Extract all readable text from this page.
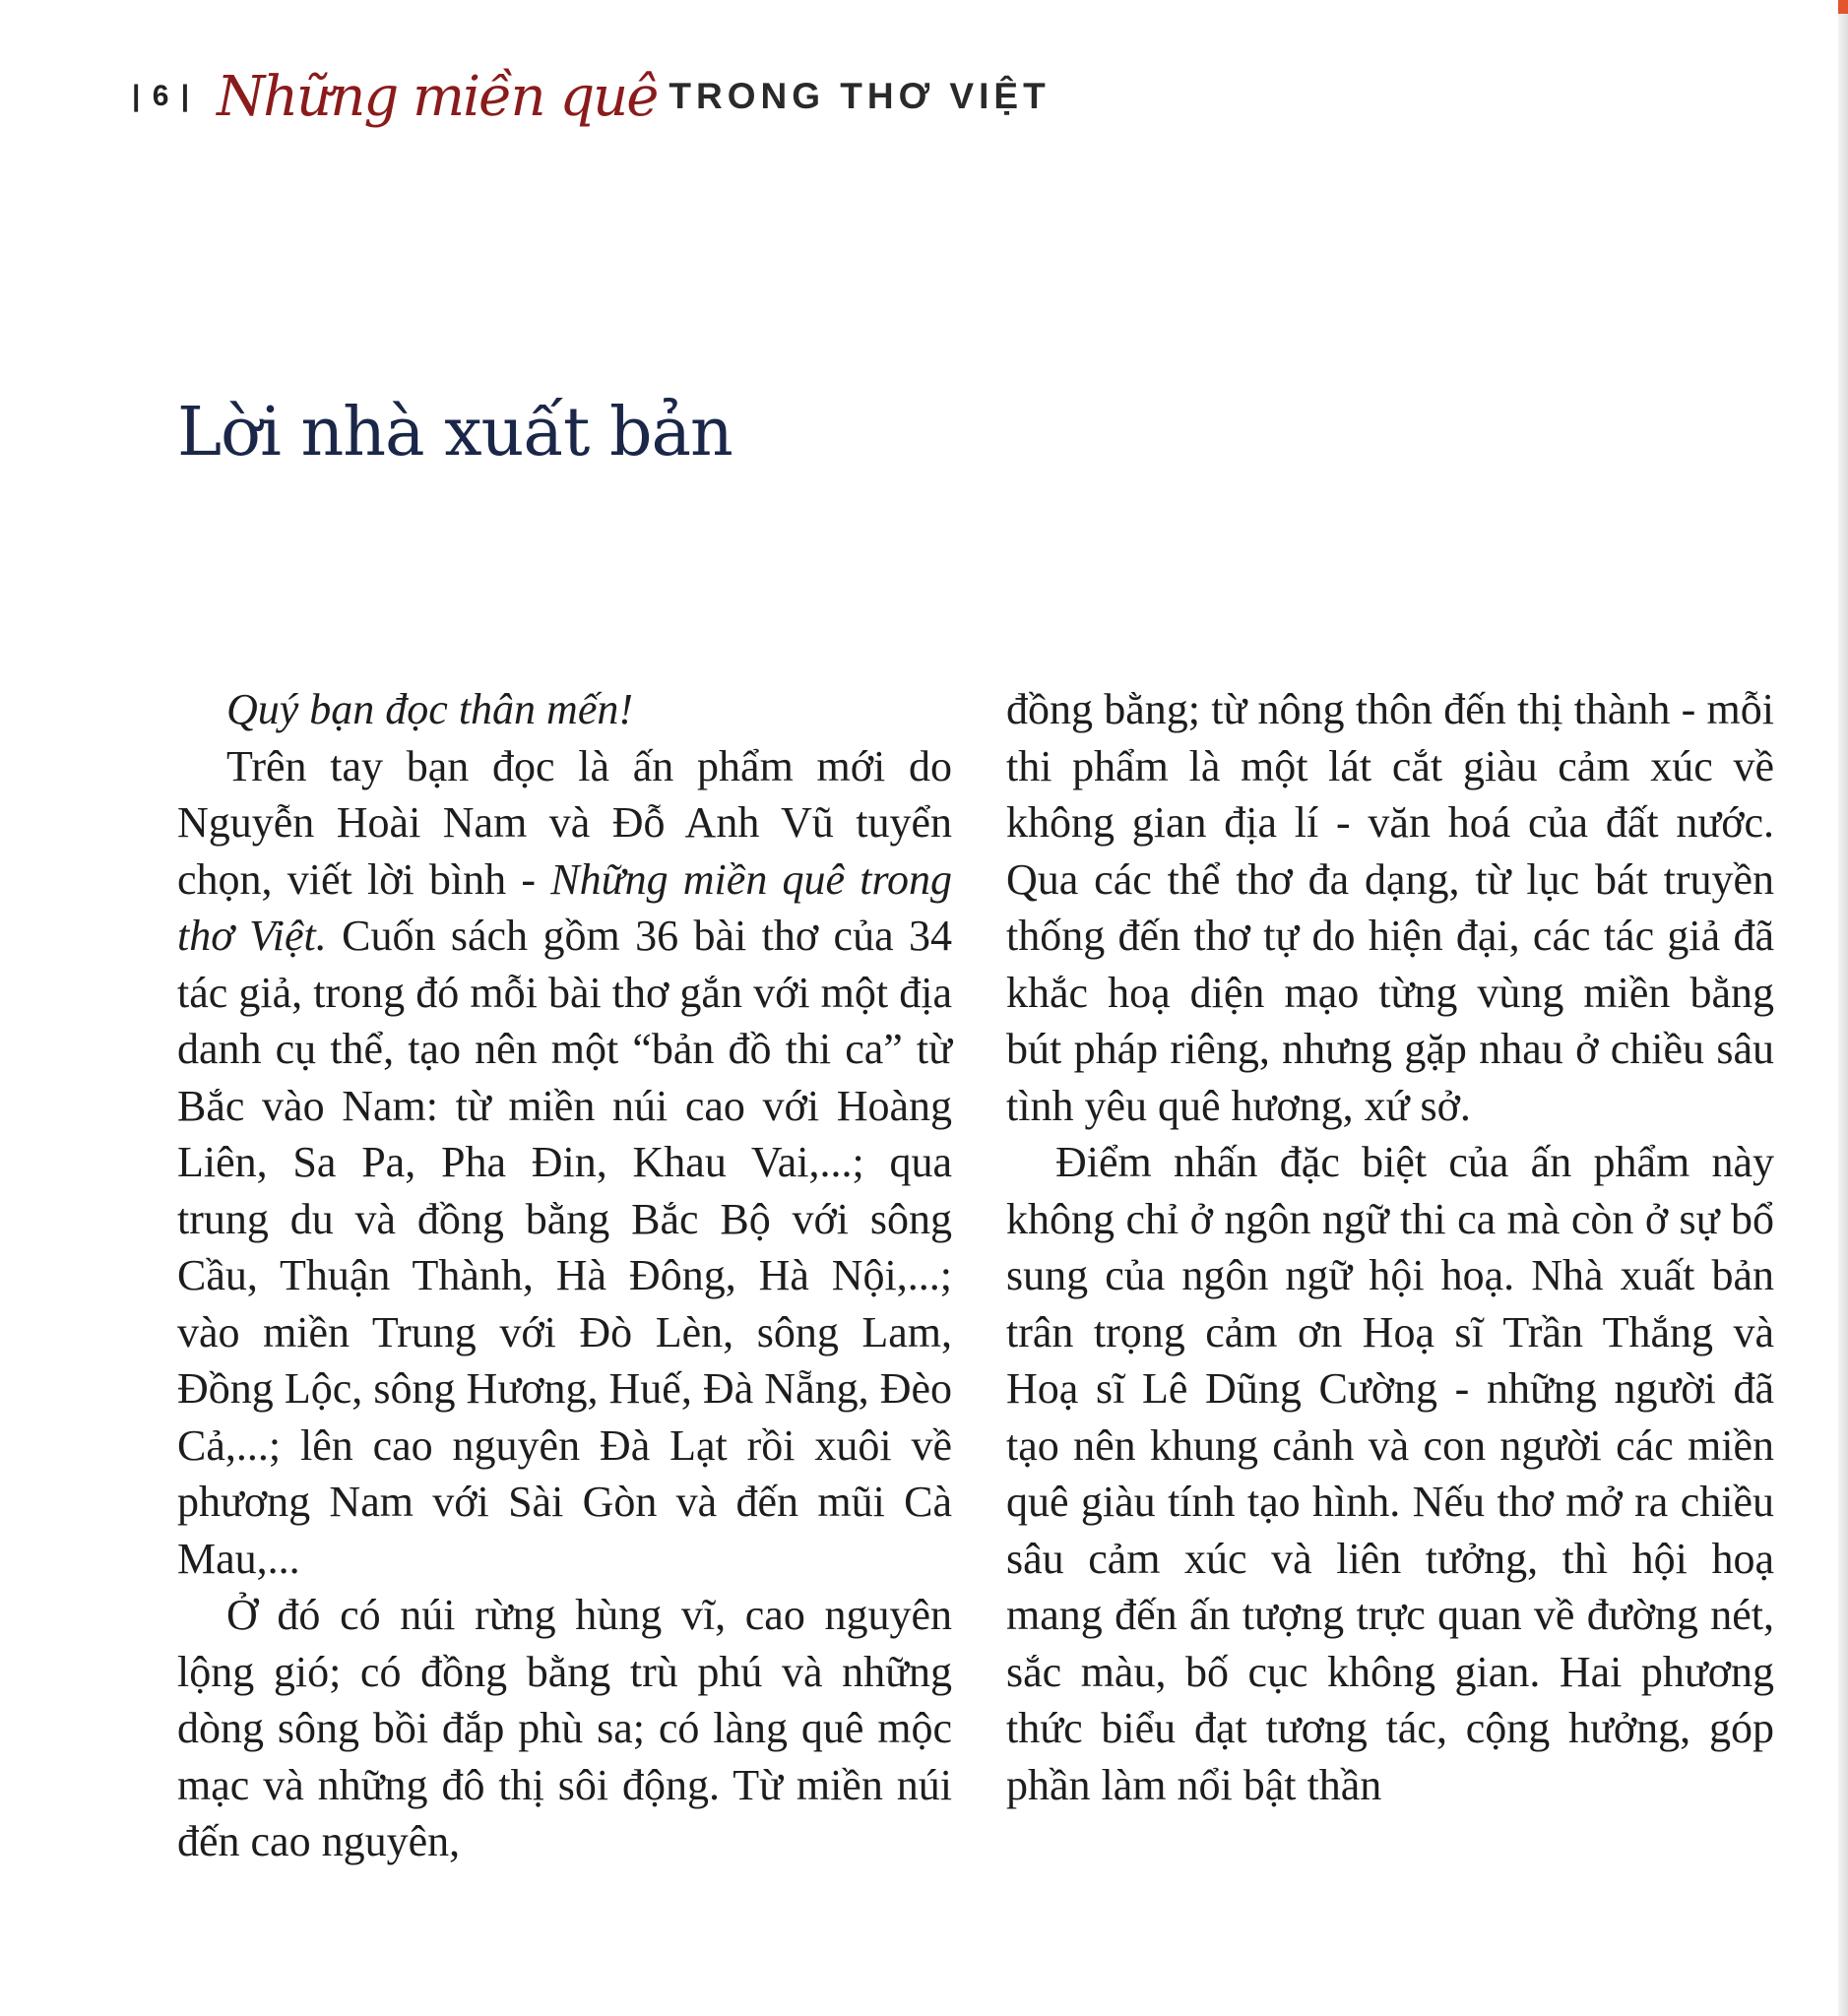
| 6 | Những miền quê TRONG THƠ VIỆT
Lời nhà xuất bản

Quý bạn đọc thân mến!

Trên tay bạn đọc là ấn phẩm mới do Nguyễn Hoài Nam và Đỗ Anh Vũ tuyển chọn, viết lời bình - Những miền quê trong thơ Việt. Cuốn sách gồm 36 bài thơ của 34 tác giả, trong đó mỗi bài thơ gắn với một địa danh cụ thể, tạo nên một “bản đồ thi ca” từ Bắc vào Nam: từ miền núi cao với Hoàng Liên, Sa Pa, Pha Đin, Khau Vai,...; qua trung du và đồng bằng Bắc Bộ với sông Cầu, Thuận Thành, Hà Đông, Hà Nội,...; vào miền Trung với Đò Lèn, sông Lam, Đồng Lộc, sông Hương, Huế, Đà Nẵng, Đèo Cả,...; lên cao nguyên Đà Lạt rồi xuôi về phương Nam với Sài Gòn và đến mũi Cà Mau,...

Ở đó có núi rừng hùng vĩ, cao nguyên lộng gió; có đồng bằng trù phú và những dòng sông bồi đắp phù sa; có làng quê mộc mạc và những đô thị sôi động. Từ miền núi đến cao nguyên,

đồng bằng; từ nông thôn đến thị thành - mỗi thi phẩm là một lát cắt giàu cảm xúc về không gian địa lí - văn hoá của đất nước. Qua các thể thơ đa dạng, từ lục bát truyền thống đến thơ tự do hiện đại, các tác giả đã khắc hoạ diện mạo từng vùng miền bằng bút pháp riêng, nhưng gặp nhau ở chiều sâu tình yêu quê hương, xứ sở.

Điểm nhấn đặc biệt của ấn phẩm này không chỉ ở ngôn ngữ thi ca mà còn ở sự bổ sung của ngôn ngữ hội hoạ. Nhà xuất bản trân trọng cảm ơn Hoạ sĩ Trần Thắng và Hoạ sĩ Lê Dũng Cường - những người đã tạo nên khung cảnh và con người các miền quê giàu tính tạo hình. Nếu thơ mở ra chiều sâu cảm xúc và liên tưởng, thì hội hoạ mang đến ấn tượng trực quan về đường nét, sắc màu, bố cục không gian. Hai phương thức biểu đạt tương tác, cộng hưởng, góp phần làm nổi bật thần
